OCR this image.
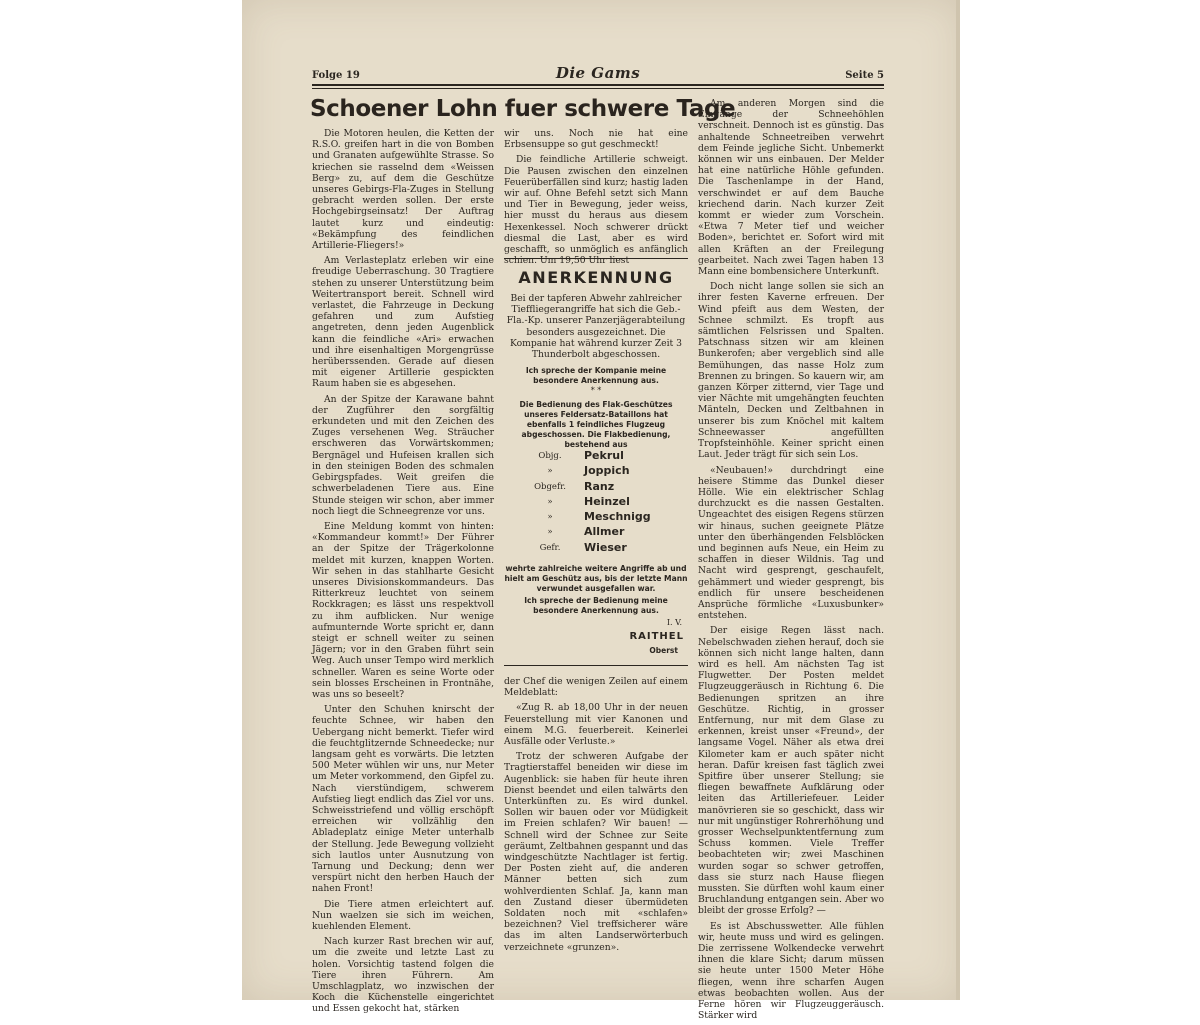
Folge 19	Die Gams	Seite 5
Schoener Lohn fuer schwere Tage

Die Motoren heulen, die Ketten der R.S.O. greifen hart in die von Bomben und Granaten aufgewühlte Strasse. So kriechen sie rasselnd dem «Weissen Berg» zu, auf dem die Geschütze unseres Gebirgs-Fla-Zuges in Stellung gebracht werden sollen. Der erste Hochgebirgseinsatz! Der Auftrag lautet kurz und eindeutig: «Bekämpfung des feindlichen Artillerie-Fliegers!»

Am Verlasteplatz erleben wir eine freudige Ueberraschung. 30 Tragtiere stehen zu unserer Unterstützung beim Weitertransport bereit. Schnell wird verlastet, die Fahrzeuge in Deckung gefahren und zum Aufstieg angetreten, denn jeden Augenblick kann die feindliche «Ari» erwachen und ihre eisenhaltigen Morgengrüsse herüberssenden. Gerade auf diesen mit eigener Artillerie gespickten Raum haben sie es abgesehen.

An der Spitze der Karawane bahnt der Zugführer den sorgfältig erkundeten und mit den Zeichen des Zuges versehenen Weg. Sträucher erschweren das Vorwärtskommen; Bergnägel und Hufeisen krallen sich in den steinigen Boden des schmalen Gebirgspfades. Weit greifen die schwerbeladenen Tiere aus. Eine Stunde steigen wir schon, aber immer noch liegt die Schneegrenze vor uns.

Eine Meldung kommt von hinten: «Kommandeur kommt!» Der Führer an der Spitze der Trägerkolonne meldet mit kurzen, knappen Worten. Wir sehen in das stahlharte Gesicht unseres Divisionskommandeurs. Das Ritterkreuz leuchtet von seinem Rockkragen; es lässt uns respektvoll zu ihm aufblicken. Nur wenige aufmunternde Worte spricht er, dann steigt er schnell weiter zu seinen Jägern; vor in den Graben führt sein Weg. Auch unser Tempo wird merklich schneller. Waren es seine Worte oder sein blosses Erscheinen in Frontnähe, was uns so beseelt?

Unter den Schuhen knirscht der feuchte Schnee, wir haben den Uebergang nicht bemerkt. Tiefer wird die feuchtglitzernde Schneedecke; nur langsam geht es vorwärts. Die letzten 500 Meter wühlen wir uns, nur Meter um Meter vorkommend, den Gipfel zu. Nach vierstündigem, schwerem Aufstieg liegt endlich das Ziel vor uns. Schweisstriefend und völlig erschöpft erreichen wir vollzählig den Abladeplatz einige Meter unterhalb der Stellung. Jede Bewegung vollzieht sich lautlos unter Ausnutzung von Tarnung und Deckung; denn wer verspürt nicht den herben Hauch der nahen Front!

Die Tiere atmen erleichtert auf. Nun waelzen sie sich im weichen, kuehlenden Element.

Nach kurzer Rast brechen wir auf, um die zweite und letzte Last zu holen. Vorsichtig tastend folgen die Tiere ihren Führern. Am Umschlagplatz, wo inzwischen der Koch die Küchenstelle eingerichtet und Essen gekocht hat, stärken

wir uns. Noch nie hat eine Erbsensuppe so gut geschmeckt!

Die feindliche Artillerie schweigt. Die Pausen zwischen den einzelnen Feuerüberfällen sind kurz; hastig laden wir auf. Ohne Befehl setzt sich Mann und Tier in Bewegung, jeder weiss, hier musst du heraus aus diesem Hexenkessel. Noch schwerer drückt diesmal die Last, aber es wird geschafft, so unmöglich es anfänglich schien. Um 19,50 Uhr liest

ANERKENNUNG
Bei der tapferen Abwehr zahlreicher Tieffliegerangriffe hat sich die Geb.-Fla.-Kp. unserer Panzerjägerabteilung besonders ausgezeichnet. Die Kompanie hat während kurzer Zeit 3 Thunderbolt abgeschossen.
Ich spreche der Kompanie meine besondere Anerkennung aus.
* *
Die Bedienung des Flak-Geschützes unseres Feldersatz-Bataillons hat ebenfalls 1 feindliches Flugzeug abgeschossen. Die Flakbedienung, bestehend aus
Objg.	Pekrul
»	Joppich
Obgefr.	Ranz
»	Heinzel
»	Meschnigg
»	Allmer
Gefr.	Wieser
wehrte zahlreiche weitere Angriffe ab und hielt am Geschütz aus, bis der letzte Mann verwundet ausgefallen war.
Ich spreche der Bedienung meine besondere Anerkennung aus.
I. V.
RAITHEL
Oberst

der Chef die wenigen Zeilen auf einem Meldeblatt:

«Zug R. ab 18,00 Uhr in der neuen Feuerstellung mit vier Kanonen und einem M.G. feuerbereit. Keinerlei Ausfälle oder Verluste.»

Trotz der schweren Aufgabe der Tragtierstaffel beneiden wir diese im Augenblick: sie haben für heute ihren Dienst beendet und eilen talwärts den Unterkünften zu. Es wird dunkel. Sollen wir bauen oder vor Müdigkeit im Freien schlafen? Wir bauen! — Schnell wird der Schnee zur Seite geräumt, Zeltbahnen gespannt und das windgeschützte Nachtlager ist fertig. Der Posten zieht auf, die anderen Männer betten sich zum wohlverdienten Schlaf. Ja, kann man den Zustand dieser übermüdeten Soldaten noch mit «schlafen» bezeichnen? Viel treffsicherer wäre das im alten Landserwörterbuch verzeichnete «grunzen».

Am anderen Morgen sind die Eingänge der Schneehöhlen verschneit. Dennoch ist es günstig. Das anhaltende Schneetreiben verwehrt dem Feinde jegliche Sicht. Unbemerkt können wir uns einbauen. Der Melder hat eine natürliche Höhle gefunden. Die Taschenlampe in der Hand, verschwindet er auf dem Bauche kriechend darin. Nach kurzer Zeit kommt er wieder zum Vorschein. «Etwa 7 Meter tief und weicher Boden», berichtet er. Sofort wird mit allen Kräften an der Freilegung gearbeitet. Nach zwei Tagen haben 13 Mann eine bombensichere Unterkunft.

Doch nicht lange sollen sie sich an ihrer festen Kaverne erfreuen. Der Wind pfeift aus dem Westen, der Schnee schmilzt. Es tropft aus sämtlichen Felsrissen und Spalten. Patschnass sitzen wir am kleinen Bunkerofen; aber vergeblich sind alle Bemühungen, das nasse Holz zum Brennen zu bringen. So kauern wir, am ganzen Körper zitternd, vier Tage und vier Nächte mit umgehängten feuchten Mänteln, Decken und Zeltbahnen in unserer bis zum Knöchel mit kaltem Schneewasser angefüllten Tropfsteinhöhle. Keiner spricht einen Laut. Jeder trägt für sich sein Los.

«Neubauen!» durchdringt eine heisere Stimme das Dunkel dieser Hölle. Wie ein elektrischer Schlag durchzuckt es die nassen Gestalten. Ungeachtet des eisigen Regens stürzen wir hinaus, suchen geeignete Plätze unter den überhängenden Felsblöcken und beginnen aufs Neue, ein Heim zu schaffen in dieser Wildnis. Tag und Nacht wird gesprengt, geschaufelt, gehämmert und wieder gesprengt, bis endlich für unsere bescheidenen Ansprüche förmliche «Luxusbunker» entstehen.

Der eisige Regen lässt nach. Nebelschwaden ziehen herauf, doch sie können sich nicht lange halten, dann wird es hell. Am nächsten Tag ist Flugwetter. Der Posten meldet Flugzeuggeräusch in Richtung 6. Die Bedienungen spritzen an ihre Geschütze. Richtig, in grosser Entfernung, nur mit dem Glase zu erkennen, kreist unser «Freund», der langsame Vogel. Näher als etwa drei Kilometer kam er auch später nicht heran. Dafür kreisen fast täglich zwei Spitfire über unserer Stellung; sie fliegen bewaffnete Aufklärung oder leiten das Artilleriefeuer. Leider manövrieren sie so geschickt, dass wir nur mit ungünstiger Rohrerhöhung und grosser Wechselpunktentfernung zum Schuss kommen. Viele Treffer beobachteten wir; zwei Maschinen wurden sogar so schwer getroffen, dass sie sturz nach Hause fliegen mussten. Sie dürften wohl kaum einer Bruchlandung entgangen sein. Aber wo bleibt der grosse Erfolg? —

Es ist Abschusswetter. Alle fühlen wir, heute muss und wird es gelingen. Die zerrissene Wolkendecke verwehrt ihnen die klare Sicht; darum müssen sie heute unter 1500 Meter Höhe fliegen, wenn ihre scharfen Augen etwas beobachten wollen. Aus der Ferne hören wir Flugzeuggeräusch. Stärker wird
